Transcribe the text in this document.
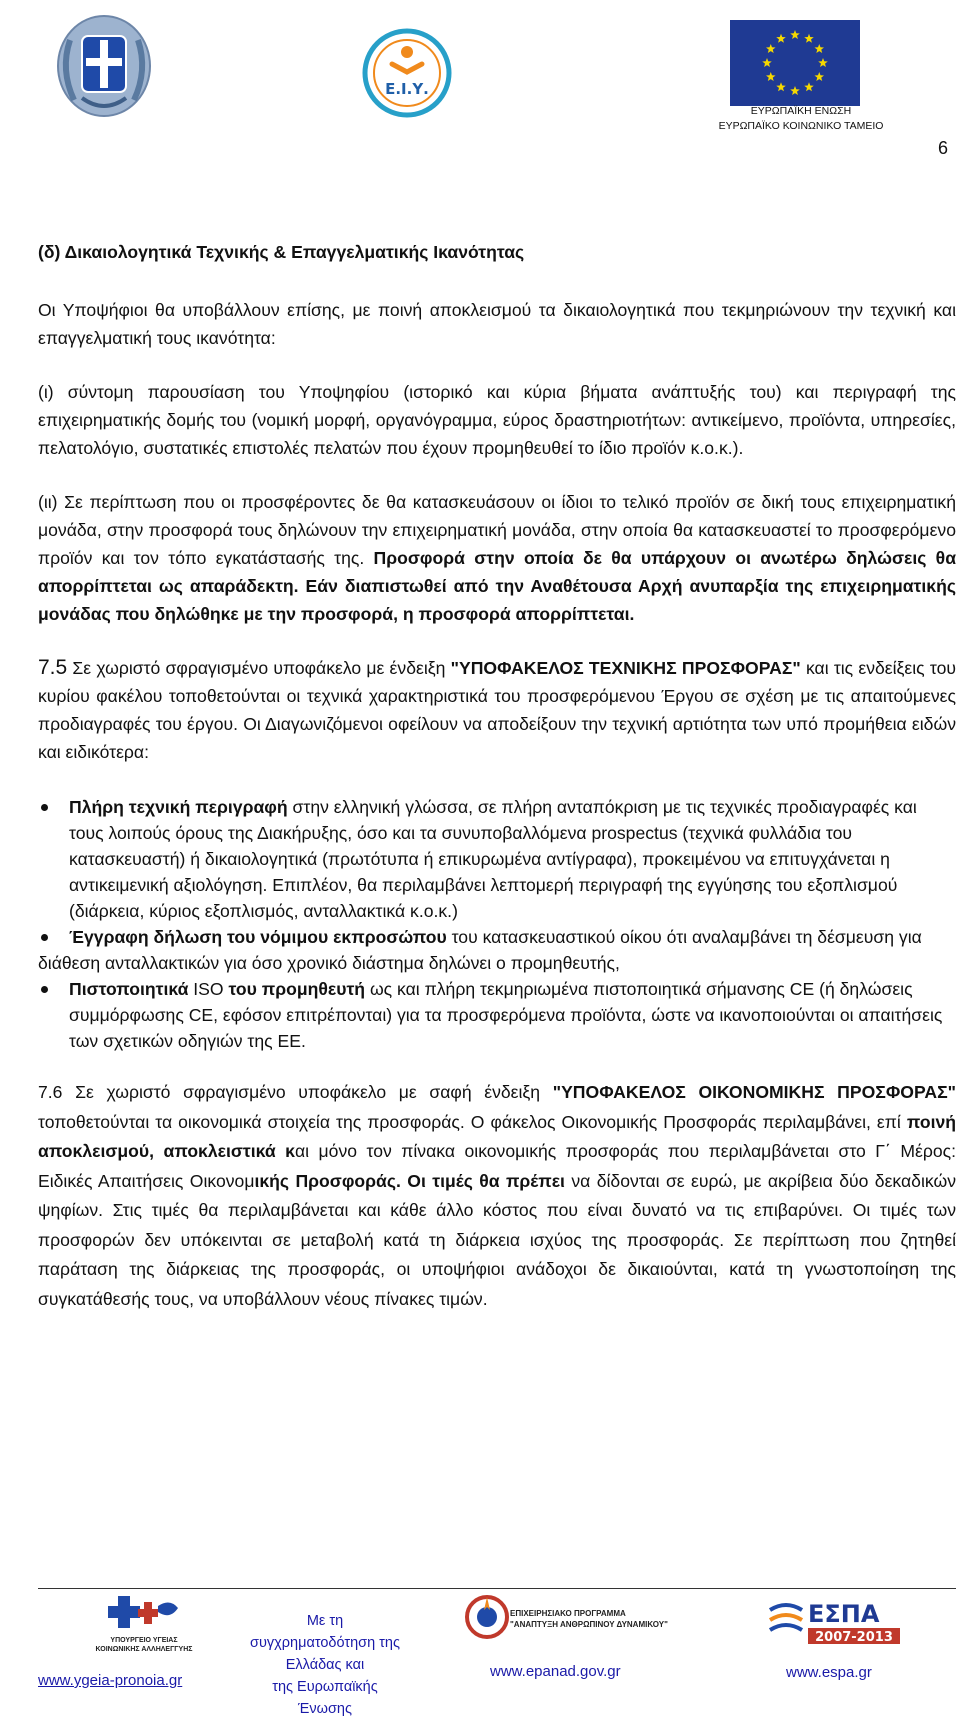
Ε.Ι.Υ.
ΕΥΡΩΠΑΪΚΗ ΕΝΩΣΗ
ΕΥΡΩΠΑΪΚΟ ΚΟΙΝΩΝΙΚΟ ΤΑΜΕΙΟ
6

(δ) Δικαιολογητικά Τεχνικής & Επαγγελματικής Ικανότητας

Οι Υποψήφιοι θα υποβάλλουν επίσης, με ποινή αποκλεισμού τα δικαιολογητικά που τεκμηριώνουν την τεχνική και επαγγελματική τους ικανότητα:

(ι) σύντομη παρουσίαση του Υποψηφίου (ιστορικό και κύρια βήματα ανάπτυξής του) και περιγραφή της επιχειρηματικής δομής του (νομική μορφή, οργανόγραμμα, εύρος δραστηριοτήτων: αντικείμενο, προϊόντα, υπηρεσίες, πελατολόγιο, συστατικές επιστολές πελατών που έχουν προμηθευθεί το ίδιο προϊόν κ.ο.κ.).

(ιι) Σε περίπτωση που οι προσφέροντες δε θα κατασκευάσουν οι ίδιοι το τελικό προϊόν σε δική τους επιχειρηματική μονάδα, στην προσφορά τους δηλώνουν την επιχειρηματική μονάδα, στην οποία θα κατασκευαστεί το προσφερόμενο προϊόν και τον τόπο εγκατάστασής της. Προσφορά στην οποία δε θα υπάρχουν οι ανωτέρω δηλώσεις θα απορρίπτεται ως απαράδεκτη. Εάν διαπιστωθεί από την Αναθέτουσα Αρχή ανυπαρξία της επιχειρηματικής μονάδας που δηλώθηκε με την προσφορά, η προσφορά απορρίπτεται.

7.5 Σε χωριστό σφραγισμένο υποφάκελο με ένδειξη "ΥΠΟΦΑΚΕΛΟΣ ΤΕΧΝΙΚΗΣ ΠΡΟΣΦΟΡΑΣ" και τις ενδείξεις του κυρίου φακέλου τοποθετούνται οι τεχνικά χαρακτηριστικά του προσφερόμενου Έργου σε σχέση με τις απαιτούμενες προδιαγραφές του έργου. Οι Διαγωνιζόμενοι οφείλουν να αποδείξουν την τεχνική αρτιότητα των υπό προμήθεια ειδών και ειδικότερα:

Πλήρη τεχνική περιγραφή στην ελληνική γλώσσα, σε πλήρη ανταπόκριση με τις τεχνικές προδιαγραφές και τους λοιπούς όρους της Διακήρυξης, όσο και τα συνυποβαλλόμενα prospectus (τεχνικά φυλλάδια του κατασκευαστή) ή δικαιολογητικά (πρωτότυπα ή επικυρωμένα αντίγραφα), προκειμένου να επιτυγχάνεται η αντικειμενική αξιολόγηση. Επιπλέον, θα περιλαμβάνει λεπτομερή περιγραφή της εγγύησης του εξοπλισμού (διάρκεια, κύριος εξοπλισμός, ανταλλακτικά κ.ο.κ.)
Έγγραφη δήλωση του νόμιμου εκπροσώπου του κατασκευαστικού οίκου ότι αναλαμβάνει τη δέσμευση για διάθεση ανταλλακτικών για όσο χρονικό διάστημα δηλώνει ο προμηθευτής,
Πιστοποιητικά ISO του προμηθευτή ως και πλήρη τεκμηριωμένα πιστοποιητικά σήμανσης CE (ή δηλώσεις συμμόρφωσης CE, εφόσον επιτρέπονται) για τα προσφερόμενα προϊόντα, ώστε να ικανοποιούνται οι απαιτήσεις των σχετικών οδηγιών της ΕΕ.

7.6 Σε χωριστό σφραγισμένο υποφάκελο με σαφή ένδειξη "ΥΠΟΦΑΚΕΛΟΣ ΟΙΚΟΝΟΜΙΚΗΣ ΠΡΟΣΦΟΡΑΣ" τοποθετούνται τα οικονομικά στοιχεία της προσφοράς. Ο φάκελος Οικονομικής Προσφοράς περιλαμβάνει, επί ποινή αποκλεισμού, αποκλειστικά και μόνο τον πίνακα οικονομικής προσφοράς που περιλαμβάνεται στο Γ΄ Μέρος: Ειδικές Απαιτήσεις Οικονομικής Προσφοράς. Οι τιμές θα πρέπει να δίδονται σε ευρώ, με ακρίβεια δύο δεκαδικών ψηφίων. Στις τιμές θα περιλαμβάνεται και κάθε άλλο κόστος που είναι δυνατό να τις επιβαρύνει. Οι τιμές των προσφορών δεν υπόκεινται σε μεταβολή κατά τη διάρκεια ισχύος της προσφοράς. Σε περίπτωση που ζητηθεί παράταση της διάρκειας της προσφοράς, οι υποψήφιοι ανάδοχοι δε δικαιούνται, κατά τη γνωστοποίηση της συγκατάθεσής τους, να υποβάλλουν νέους πίνακες τιμών.

ΥΠΟΥΡΓΕΙΟ ΥΓΕΙΑΣ
ΚΟΙΝΩΝΙΚΗΣ ΑΛΛΗΛΕΓΓΥΗΣ
www.ygeia-pronoia.gr
Με τη
συγχρηματοδότηση της
Ελλάδας και
της Ευρωπαϊκής
Ένωσης
ΕΠΙΧΕΙΡΗΣΙΑΚΟ ΠΡΟΓΡΑΜΜΑ
"ΑΝΑΠΤΥΞΗ ΑΝΘΡΩΠΙΝΟΥ ΔΥΝΑΜΙΚΟΥ"
www.epanad.gov.gr
ΕΣΠΑ
2007-2013
www.espa.gr
